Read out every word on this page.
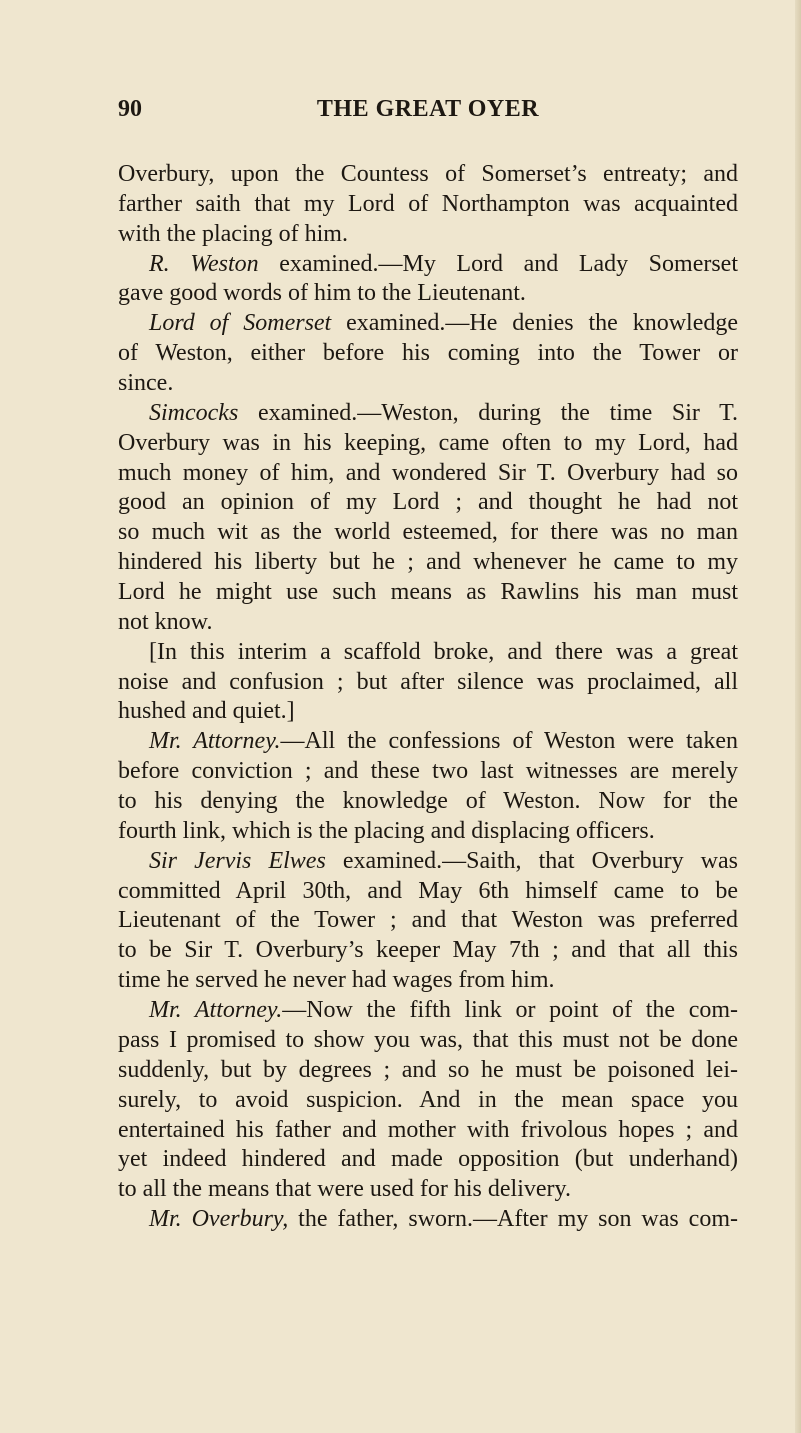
90	THE GREAT OYER
Overbury, upon the Countess of Somerset’s entreaty; and
farther saith that my Lord of Northampton was acquainted
with the placing of him.
R. Weston examined.—My Lord and Lady Somerset
gave good words of him to the Lieutenant.
Lord of Somerset examined.—He denies the knowledge
of Weston, either before his coming into the Tower or
since.
Simcocks examined.—Weston, during the time Sir T.
Overbury was in his keeping, came often to my Lord, had
much money of him, and wondered Sir T. Overbury had so
good an opinion of my Lord ; and thought he had not
so much wit as the world esteemed, for there was no man
hindered his liberty but he ; and whenever he came to my
Lord he might use such means as Rawlins his man must
not know.
[In this interim a scaffold broke, and there was a great
noise and confusion ; but after silence was proclaimed, all
hushed and quiet.]
Mr. Attorney.—All the confessions of Weston were taken
before conviction ; and these two last witnesses are merely
to his denying the knowledge of Weston. Now for the
fourth link, which is the placing and displacing officers.
Sir Jervis Elwes examined.—Saith, that Overbury was
committed April 30th, and May 6th himself came to be
Lieutenant of the Tower ; and that Weston was preferred
to be Sir T. Overbury’s keeper May 7th ; and that all this
time he served he never had wages from him.
Mr. Attorney.—Now the fifth link or point of the com-
pass I promised to show you was, that this must not be done
suddenly, but by degrees ; and so he must be poisoned lei-
surely, to avoid suspicion. And in the mean space you
entertained his father and mother with frivolous hopes ; and
yet indeed hindered and made opposition (but underhand)
to all the means that were used for his delivery.
Mr. Overbury, the father, sworn.—After my son was com-
